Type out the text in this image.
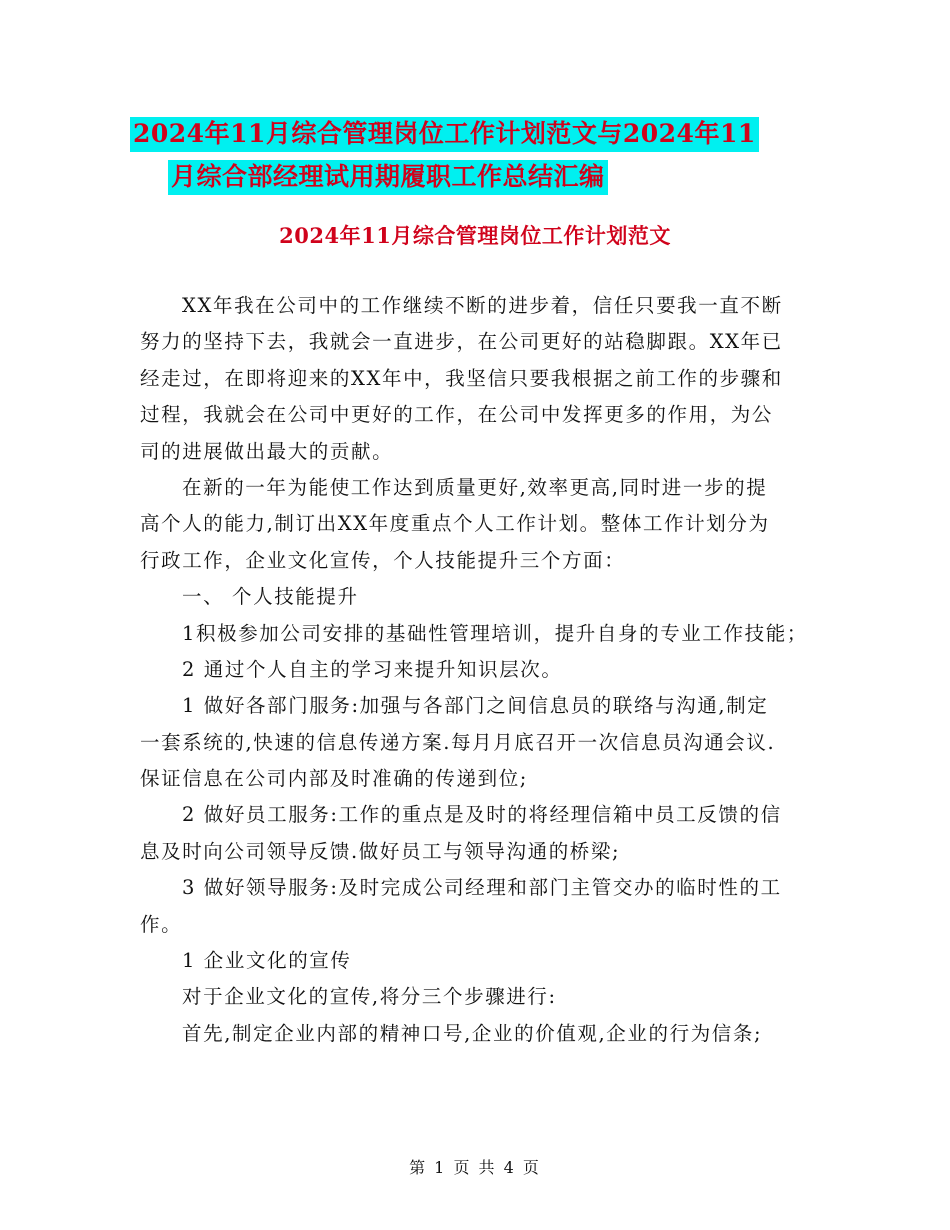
2024年11月综合管理岗位工作计划范文与2024年11
月综合部经理试用期履职工作总结汇编
2024年11月综合管理岗位工作计划范文
XX年我在公司中的工作继续不断的进步着，信任只要我一直不断
努力的坚持下去，我就会一直进步，在公司更好的站稳脚跟。XX年已
经走过，在即将迎来的XX年中，我坚信只要我根据之前工作的步骤和
过程，我就会在公司中更好的工作，在公司中发挥更多的作用，为公
司的进展做出最大的贡献。
在新的一年为能使工作达到质量更好,效率更高,同时进一步的提
高个人的能力,制订出XX年度重点个人工作计划。整体工作计划分为
行政工作，企业文化宣传，个人技能提升三个方面：
一、 个人技能提升
1积极参加公司安排的基础性管理培训，提升自身的专业工作技能；
2 通过个人自主的学习来提升知识层次。
1 做好各部门服务:加强与各部门之间信息员的联络与沟通,制定
一套系统的,快速的信息传递方案.每月月底召开一次信息员沟通会议.
保证信息在公司内部及时准确的传递到位;
2 做好员工服务:工作的重点是及时的将经理信箱中员工反馈的信
息及时向公司领导反馈.做好员工与领导沟通的桥梁;
3 做好领导服务:及时完成公司经理和部门主管交办的临时性的工
作。
1 企业文化的宣传
对于企业文化的宣传,将分三个步骤进行:
首先,制定企业内部的精神口号,企业的价值观,企业的行为信条;
第 1 页 共 4 页
